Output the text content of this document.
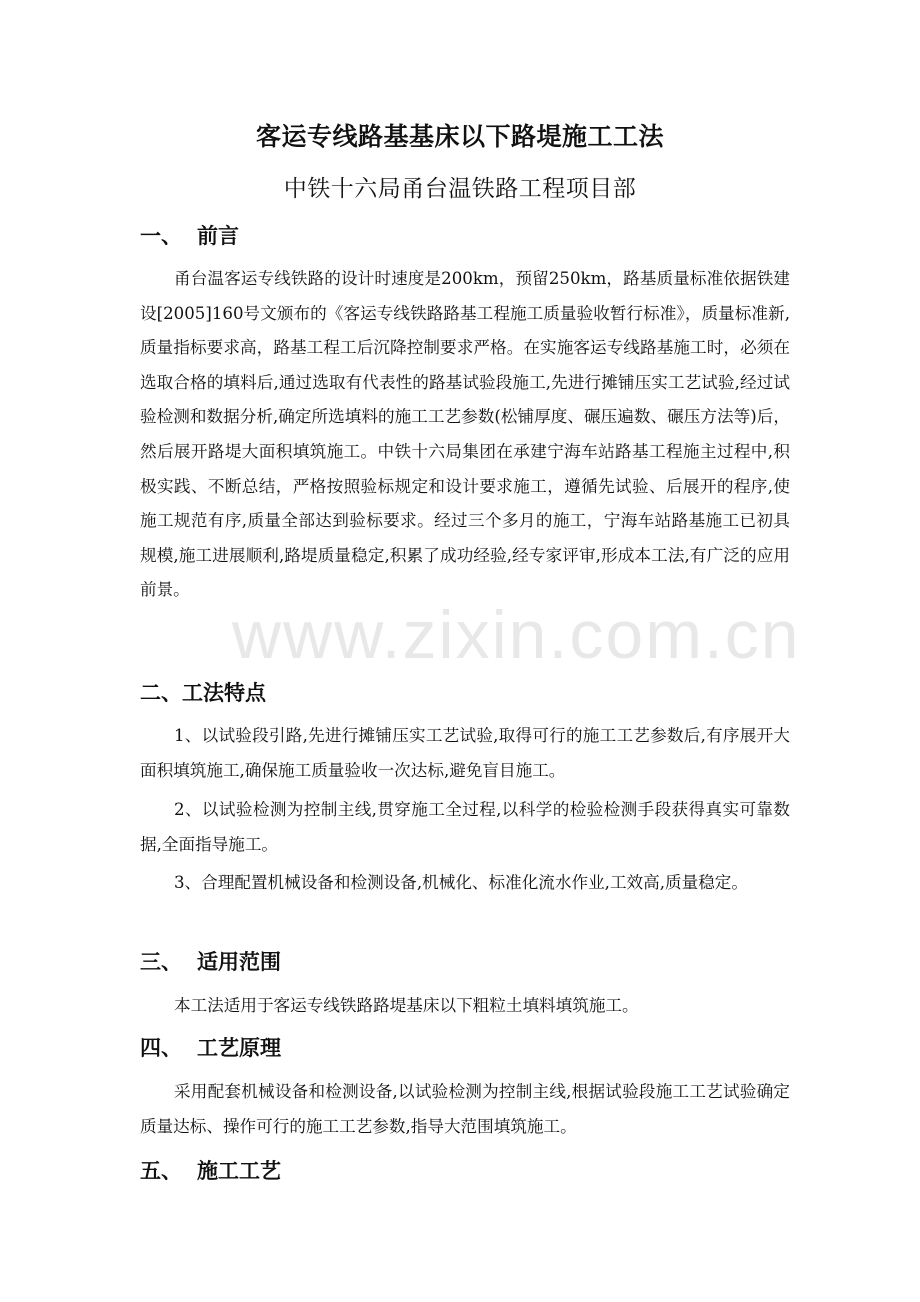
客运专线路基基床以下路堤施工工法
中铁十六局甬台温铁路工程项目部
一、 前言

甬台温客运专线铁路的设计时速度是200km，预留250km，路基质量标准依据铁建设[2005]160号文颁布的《客运专线铁路路基工程施工质量验收暂行标准》，质量标准新,质量指标要求高，路基工程工后沉降控制要求严格。在实施客运专线路基施工时，必须在选取合格的填料后,通过选取有代表性的路基试验段施工,先进行摊铺压实工艺试验,经过试验检测和数据分析,确定所选填料的施工工艺参数(松铺厚度、碾压遍数、碾压方法等)后，然后展开路堤大面积填筑施工。中铁十六局集团在承建宁海车站路基工程施主过程中,积极实践、不断总结，严格按照验标规定和设计要求施工，遵循先试验、后展开的程序,使施工规范有序,质量全部达到验标要求。经过三个多月的施工，宁海车站路基施工已初具规模,施工进展顺利,路堤质量稳定,积累了成功经验,经专家评审,形成本工法,有广泛的应用前景。

二、工法特点

1、以试验段引路,先进行摊铺压实工艺试验,取得可行的施工工艺参数后,有序展开大面积填筑施工,确保施工质量验收一次达标,避免盲目施工。

2、以试验检测为控制主线,贯穿施工全过程,以科学的检验检测手段获得真实可靠数据,全面指导施工。

3、合理配置机械设备和检测设备,机械化、标准化流水作业,工效高,质量稳定。

三、 适用范围

本工法适用于客运专线铁路路堤基床以下粗粒土填料填筑施工。

四、 工艺原理

采用配套机械设备和检测设备,以试验检测为控制主线,根据试验段施工工艺试验确定质量达标、操作可行的施工工艺参数,指导大范围填筑施工。

五、 施工工艺
www.zixin.com.cn
